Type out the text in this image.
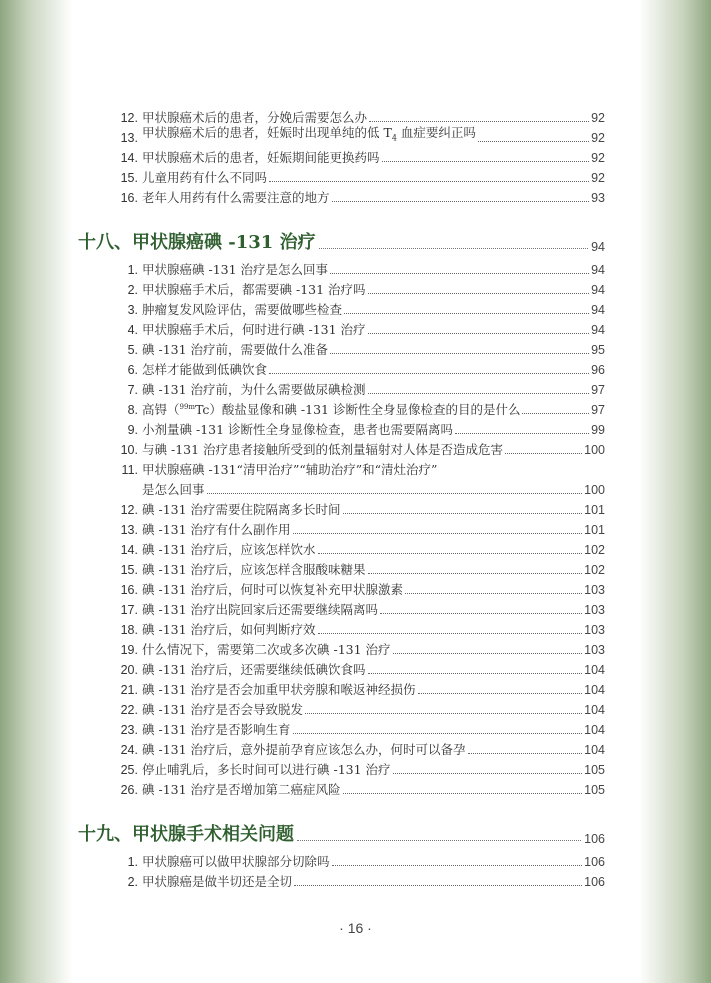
12. 甲状腺癌术后的患者，分娩后需要怎么办	92
13. 甲状腺癌术后的患者，妊娠时出现单纯的低 $T_4$ 血症要纠正吗	92
14. 甲状腺癌术后的患者，妊娠期间能更换药吗	92
15. 儿童用药有什么不同吗	92
16. 老年人用药有什么需要注意的地方	93
十八、甲状腺癌碘 -131 治疗	94
1. 甲状腺癌碘 -131 治疗是怎么回事	94
2. 甲状腺癌手术后，都需要碘 -131 治疗吗	94
3. 肿瘤复发风险评估，需要做哪些检查	94
4. 甲状腺癌手术后，何时进行碘 -131 治疗	94
5. 碘 -131 治疗前，需要做什么准备	95
6. 怎样才能做到低碘饮食	96
7. 碘 -131 治疗前，为什么需要做尿碘检测	97
8. 高锝（$^{99m}$Tc）酸盐显像和碘 -131 诊断性全身显像检查的目的是什么	97
9. 小剂量碘 -131 诊断性全身显像检查，患者也需要隔离吗	99
10. 与碘 -131 治疗患者接触所受到的低剂量辐射对人体是否造成危害	100
11. 甲状腺癌碘 -131“清甲治疗”“辅助治疗”和“清灶治疗”
是怎么回事	100
12. 碘 -131 治疗需要住院隔离多长时间	101
13. 碘 -131 治疗有什么副作用	101
14. 碘 -131 治疗后，应该怎样饮水	102
15. 碘 -131 治疗后，应该怎样含服酸味糖果	102
16. 碘 -131 治疗后，何时可以恢复补充甲状腺激素	103
17. 碘 -131 治疗出院回家后还需要继续隔离吗	103
18. 碘 -131 治疗后，如何判断疗效	103
19. 什么情况下，需要第二次或多次碘 -131 治疗	103
20. 碘 -131 治疗后，还需要继续低碘饮食吗	104
21. 碘 -131 治疗是否会加重甲状旁腺和喉返神经损伤	104
22. 碘 -131 治疗是否会导致脱发	104
23. 碘 -131 治疗是否影响生育	104
24. 碘 -131 治疗后，意外提前孕育应该怎么办，何时可以备孕	104
25. 停止哺乳后，多长时间可以进行碘 -131 治疗	105
26. 碘 -131 治疗是否增加第二癌症风险	105
十九、甲状腺手术相关问题	106
1. 甲状腺癌可以做甲状腺部分切除吗	106
2. 甲状腺癌是做半切还是全切	106
· 16 ·
